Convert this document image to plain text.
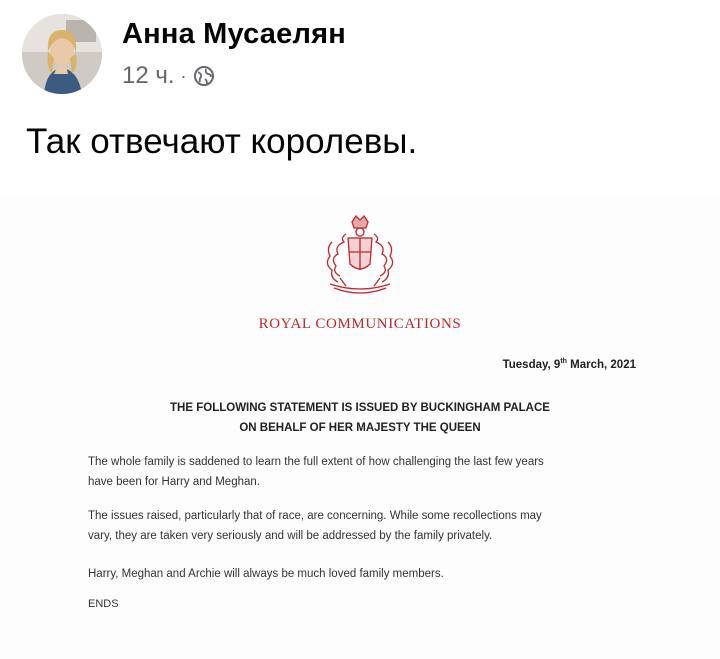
Анна Мусаелян
12 ч. ·
Так отвечают королевы.
ROYAL COMMUNICATIONS
Tuesday, 9th March, 2021
THE FOLLOWING STATEMENT IS ISSUED BY BUCKINGHAM PALACE
ON BEHALF OF HER MAJESTY THE QUEEN
The whole family is saddened to learn the full extent of how challenging the last few years
have been for Harry and Meghan.
The issues raised, particularly that of race, are concerning. While some recollections may
vary, they are taken very seriously and will be addressed by the family privately.
Harry, Meghan and Archie will always be much loved family members.
ENDS
